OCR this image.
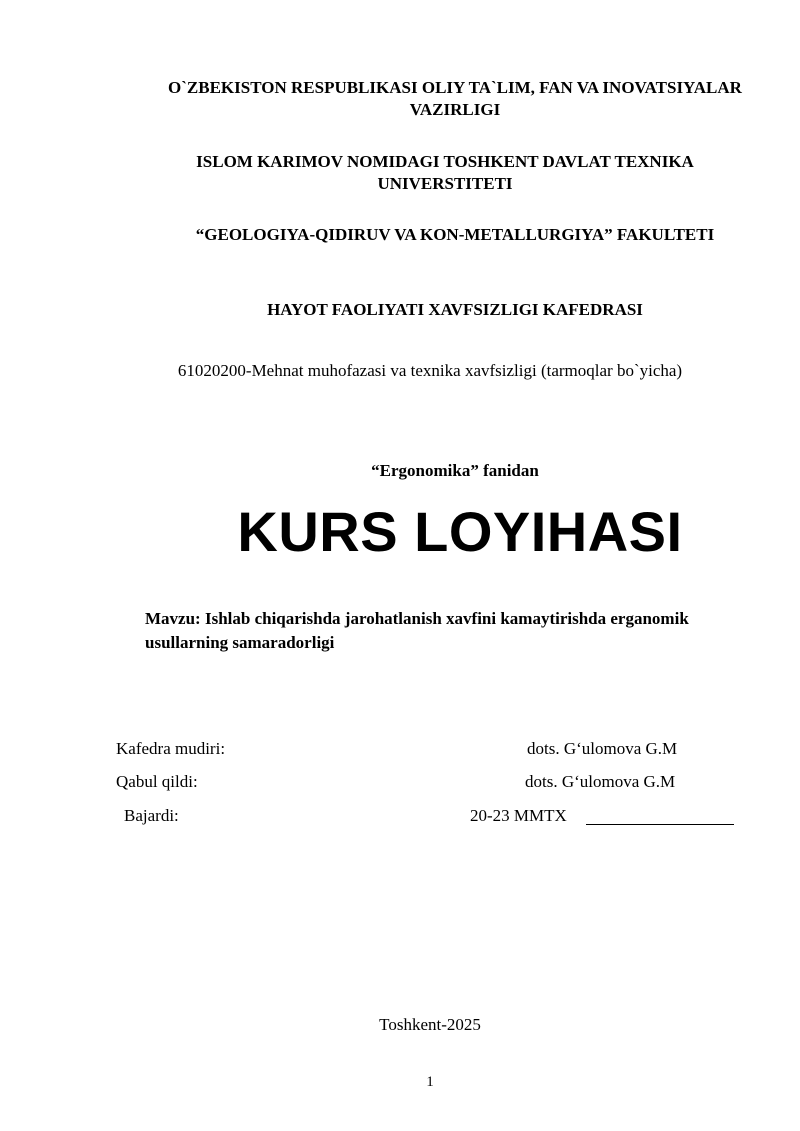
O`ZBEKISTON RESPUBLIKASI OLIY TA`LIM, FAN VA INOVATSIYALAR VAZIRLIGI
ISLOM KARIMOV NOMIDAGI TOSHKENT DAVLAT TEXNIKA UNIVERSTITETI
“GEOLOGIYA-QIDIRUV VA KON-METALLURGIYA” FAKULTETI
HAYOT FAOLIYATI XAVFSIZLIGI KAFEDRASI
61020200-Mehnat muhofazasi va texnika xavfsizligi (tarmoqlar bo`yicha)
“Ergonomika” fanidan
KURS LOYIHASI
Mavzu: Ishlab chiqarishda jarohatlanish xavfini kamaytirishda erganomik usullarning samaradorligi
Kafedra mudiri:	dots. G‘ulomova G.M
Qabul qildi:	dots. G‘ulomova G.M
Bajardi:	20-23 MMTX
Toshkent-2025
1
